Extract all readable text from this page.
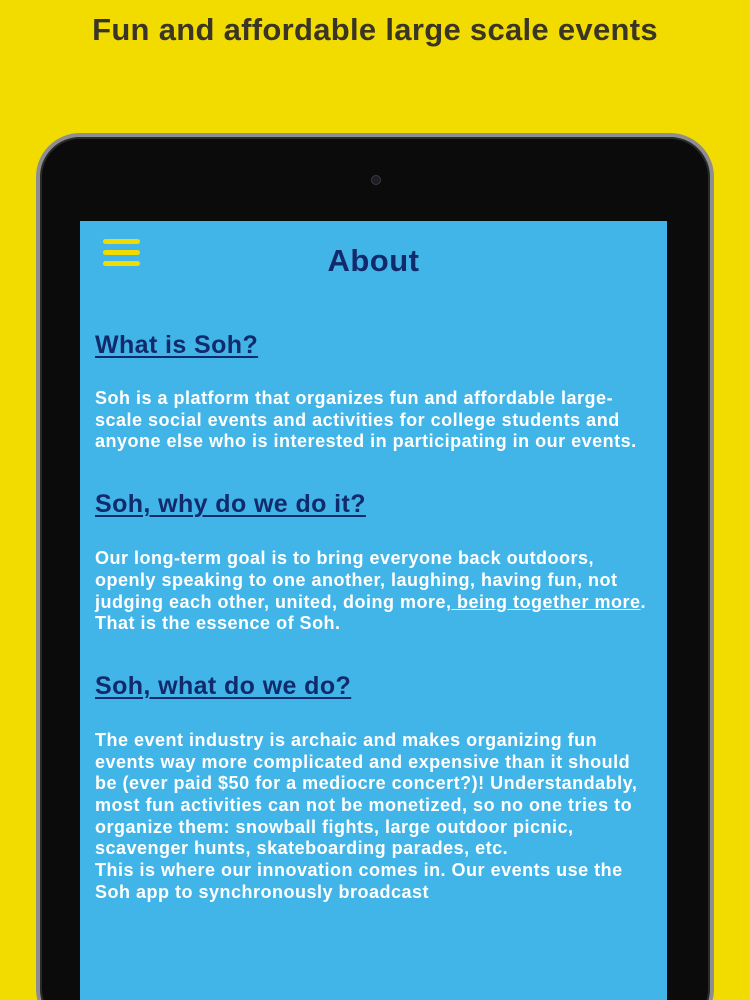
Fun and affordable large scale events
About
What is Soh?
Soh is a platform that organizes fun and affordable large-scale social events and activities for college students and anyone else who is interested in participating in our events.
Soh, why do we do it?
Our long-term goal is to bring everyone back outdoors, openly speaking to one another, laughing, having fun, not judging each other, united, doing more, being together more. That is the essence of Soh.
Soh, what do we do?
The event industry is archaic and makes organizing fun events way more complicated and expensive than it should be (ever paid $50 for a mediocre concert?)! Understandably, most fun activities can not be monetized, so no one tries to organize them: snowball fights, large outdoor picnic, scavenger hunts, skateboarding parades, etc.
This is where our innovation comes in. Our events use the Soh app to synchronously broadcast
